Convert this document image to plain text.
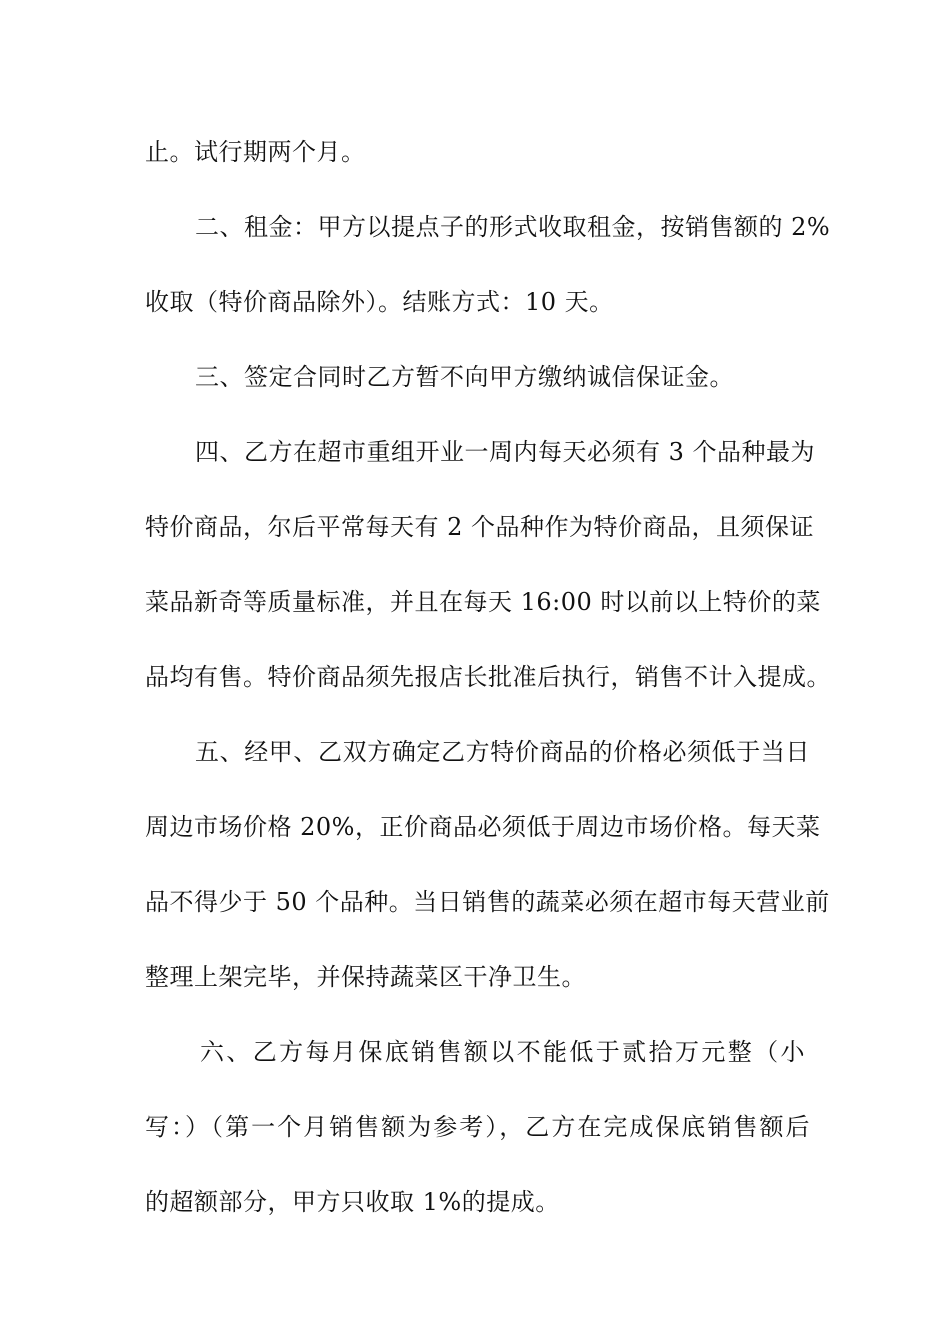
止。试行期两个月。
二、租金：甲方以提点子的形式收取租金，按销售额的 2%
收取（特价商品除外）。结账方式：10 天。
三、签定合同时乙方暂不向甲方缴纳诚信保证金。
四、乙方在超市重组开业一周内每天必须有 3 个品种最为
特价商品，尔后平常每天有 2 个品种作为特价商品，且须保证
菜品新奇等质量标准，并且在每天 16:00 时以前以上特价的菜
品均有售。特价商品须先报店长批准后执行，销售不计入提成。
五、经甲、乙双方确定乙方特价商品的价格必须低于当日
周边市场价格 20%，正价商品必须低于周边市场价格。每天菜
品不得少于 50 个品种。当日销售的蔬菜必须在超市每天营业前
整理上架完毕，并保持蔬菜区干净卫生。
六、乙方每月保底销售额以不能低于贰拾万元整（小
写：）（第一个月销售额为参考），乙方在完成保底销售额后
的超额部分，甲方只收取 1%的提成。
